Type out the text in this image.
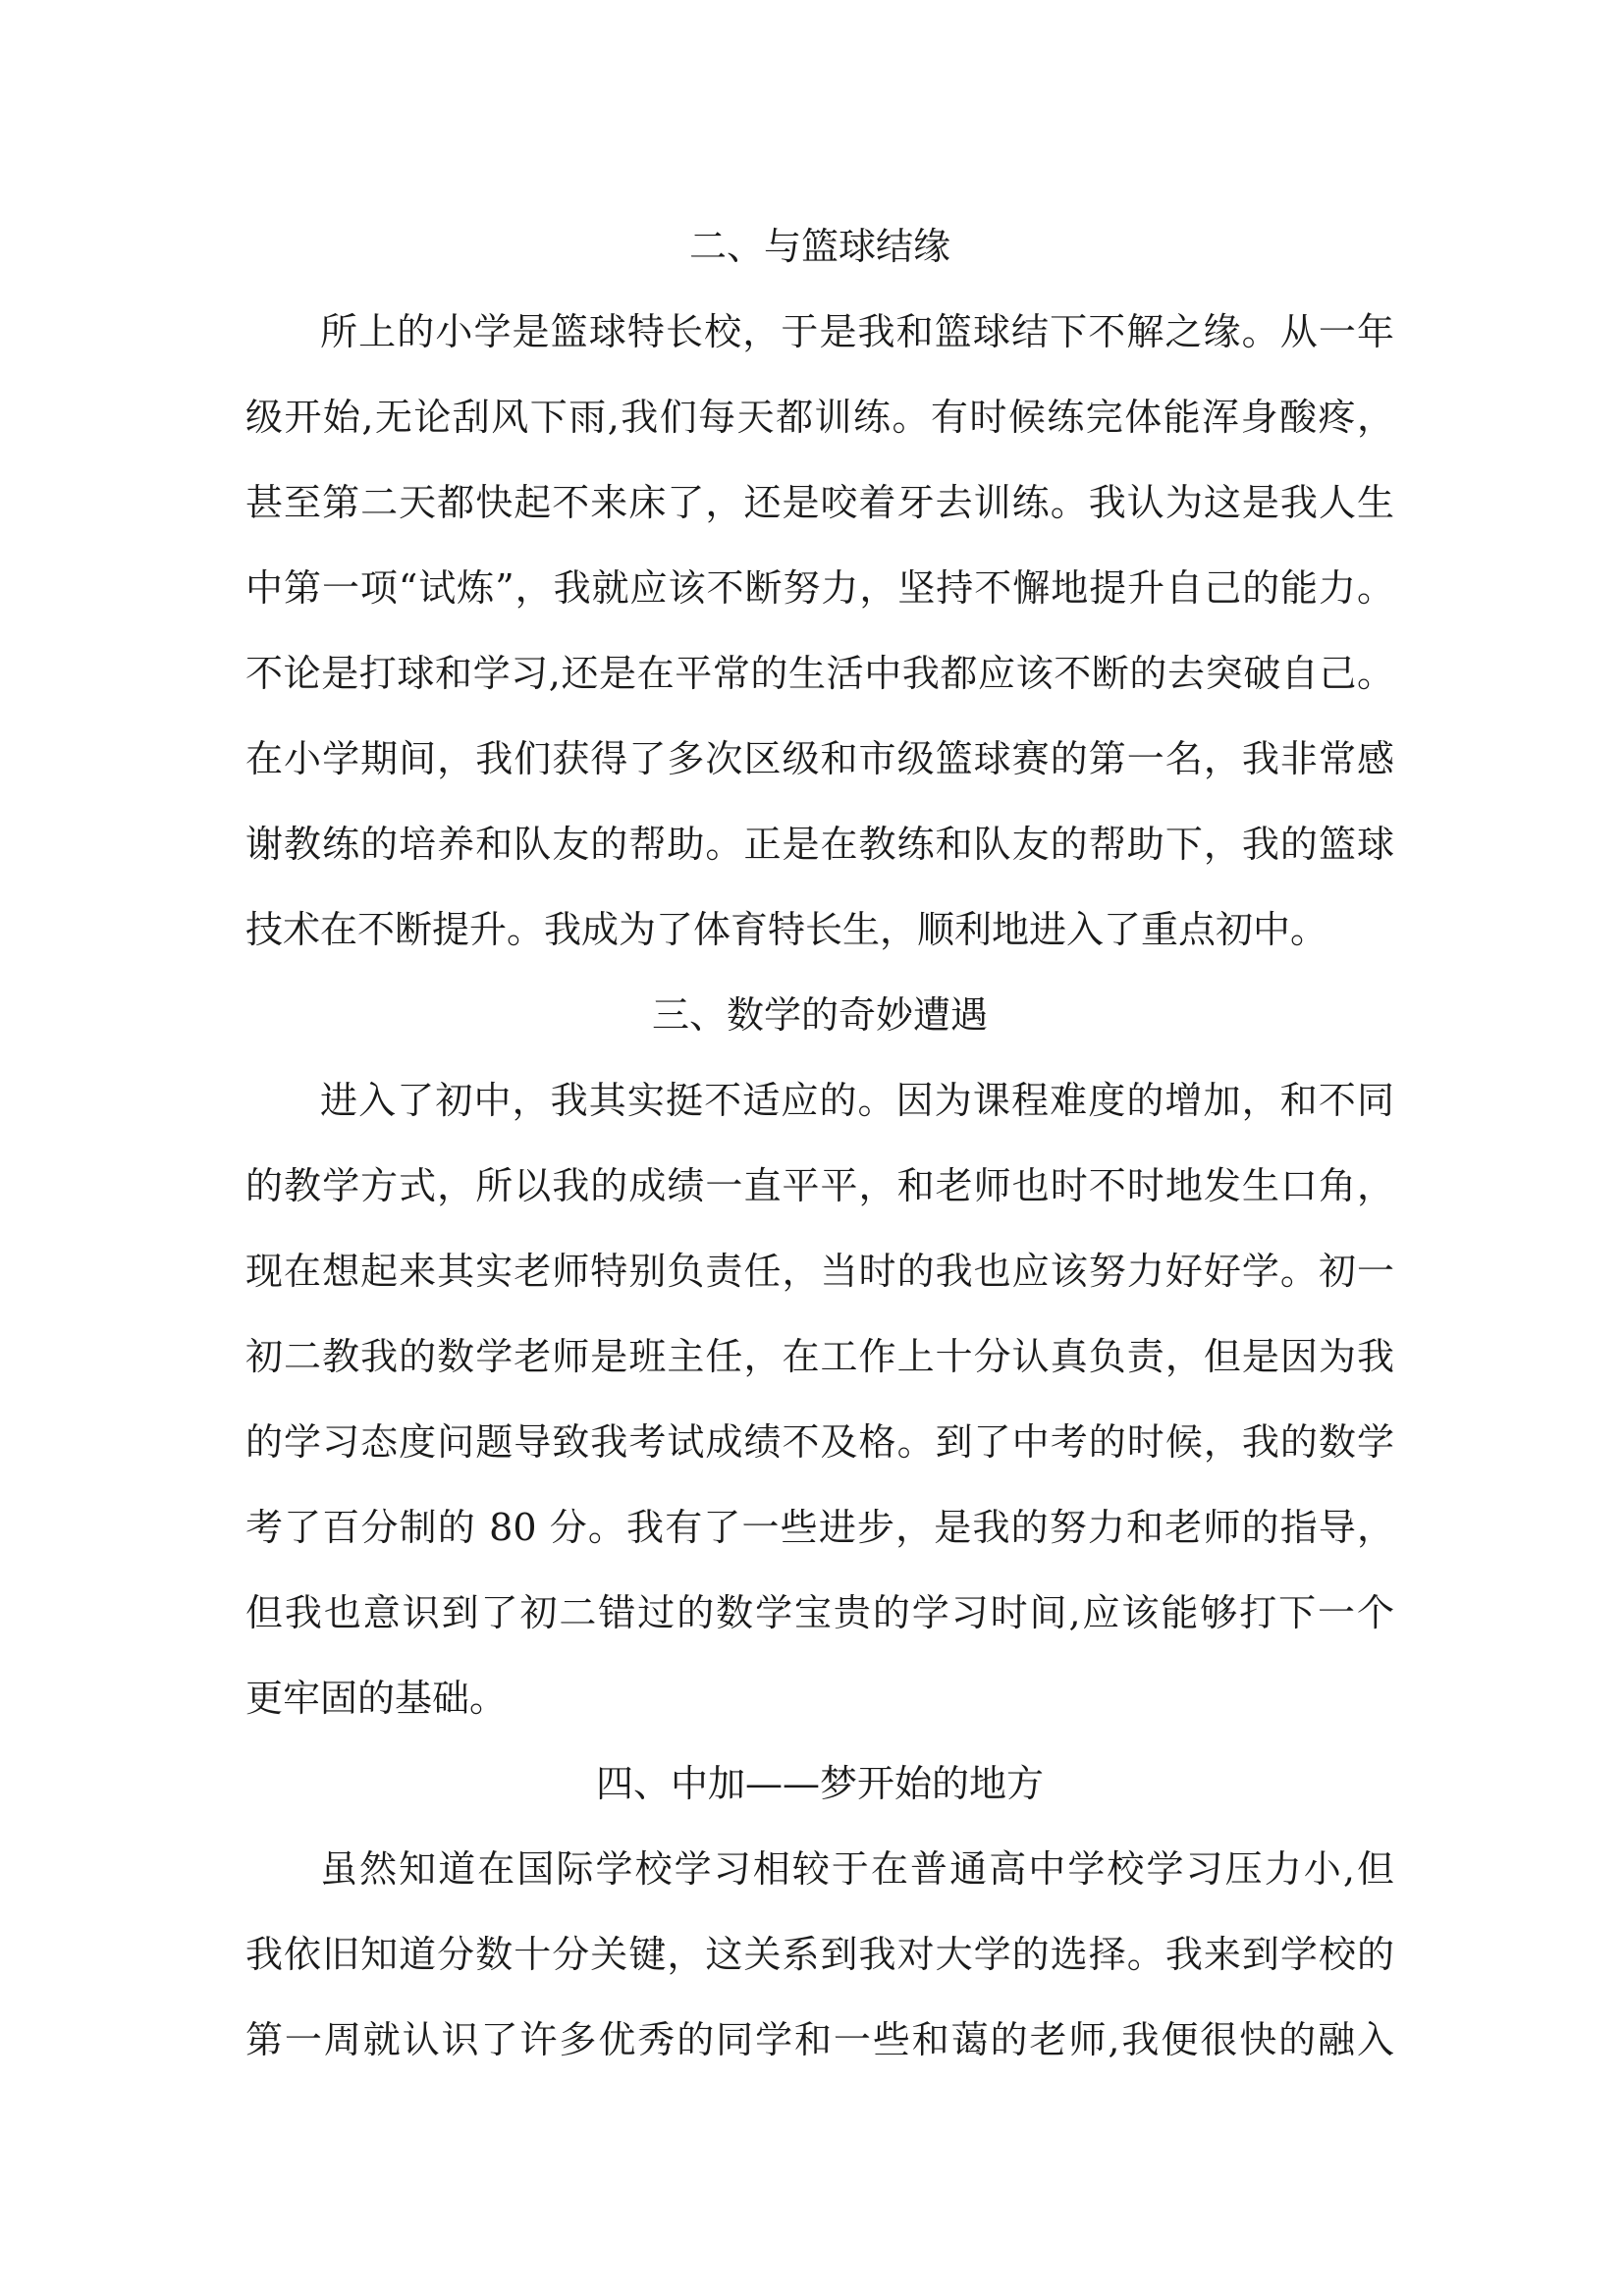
二、与篮球结缘

所上的小学是篮球特长校，于是我和篮球结下不解之缘。从一年
级开始,无论刮风下雨,我们每天都训练。有时候练完体能浑身酸疼，
甚至第二天都快起不来床了，还是咬着牙去训练。我认为这是我人生
中第一项“试炼”，我就应该不断努力，坚持不懈地提升自己的能力。
不论是打球和学习,还是在平常的生活中我都应该不断的去突破自己。
在小学期间，我们获得了多次区级和市级篮球赛的第一名，我非常感
谢教练的培养和队友的帮助。正是在教练和队友的帮助下，我的篮球
技术在不断提升。我成为了体育特长生，顺利地进入了重点初中。

三、数学的奇妙遭遇

进入了初中，我其实挺不适应的。因为课程难度的增加，和不同
的教学方式，所以我的成绩一直平平，和老师也时不时地发生口角，
现在想起来其实老师特别负责任，当时的我也应该努力好好学。初一
初二教我的数学老师是班主任，在工作上十分认真负责，但是因为我
的学习态度问题导致我考试成绩不及格。到了中考的时候，我的数学
考了百分制的 80 分。我有了一些进步，是我的努力和老师的指导，
但我也意识到了初二错过的数学宝贵的学习时间,应该能够打下一个
更牢固的基础。

四、中加——梦开始的地方

虽然知道在国际学校学习相较于在普通高中学校学习压力小,但
我依旧知道分数十分关键，这关系到我对大学的选择。我来到学校的
第一周就认识了许多优秀的同学和一些和蔼的老师,我便很快的融入
